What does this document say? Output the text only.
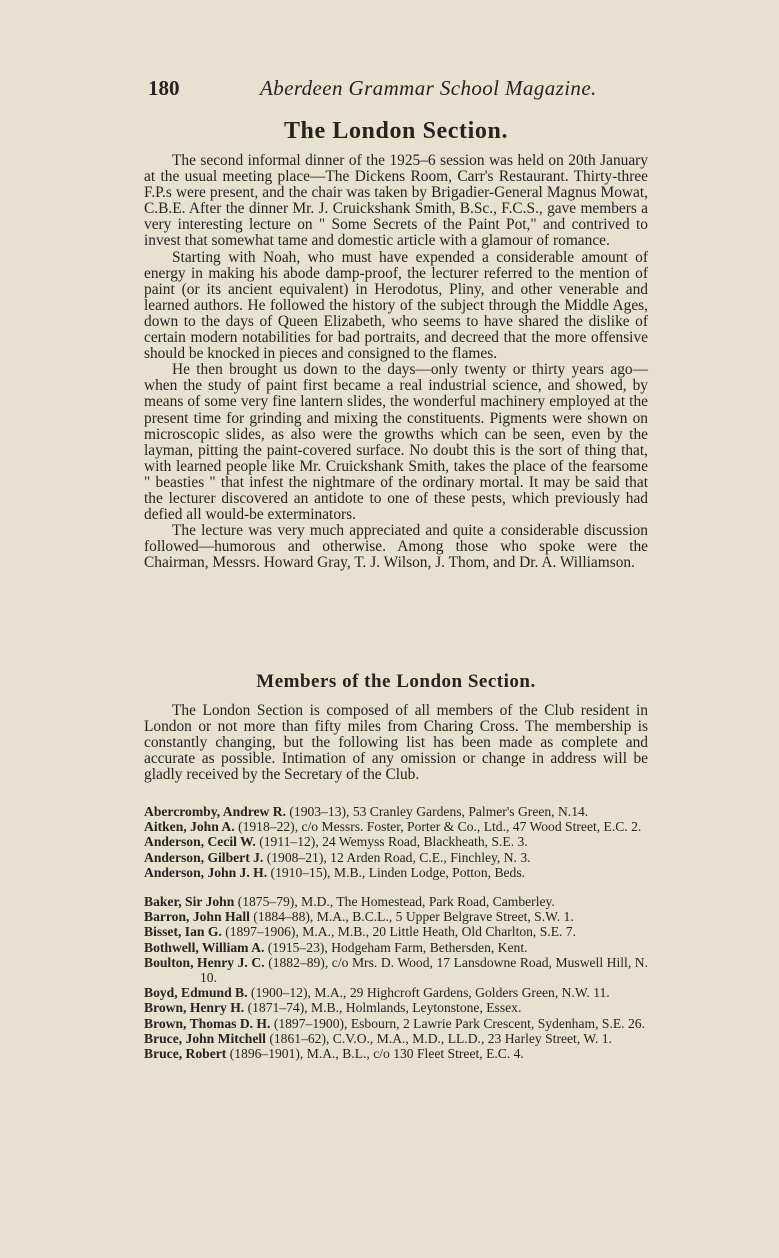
180	Aberdeen Grammar School Magazine.
The London Section.

The second informal dinner of the 1925–6 session was held on 20th January at the usual meeting place—The Dickens Room, Carr's Restaurant. Thirty-three F.P.s were present, and the chair was taken by Brigadier-General Magnus Mowat, C.B.E. After the dinner Mr. J. Cruickshank Smith, B.Sc., F.C.S., gave members a very interesting lecture on " Some Secrets of the Paint Pot," and contrived to invest that somewhat tame and domestic article with a glamour of romance.

Starting with Noah, who must have expended a considerable amount of energy in making his abode damp-proof, the lecturer referred to the mention of paint (or its ancient equivalent) in Herodotus, Pliny, and other venerable and learned authors. He followed the history of the subject through the Middle Ages, down to the days of Queen Elizabeth, who seems to have shared the dislike of certain modern notabilities for bad portraits, and decreed that the more offensive should be knocked in pieces and consigned to the flames.

He then brought us down to the days—only twenty or thirty years ago—when the study of paint first became a real industrial science, and showed, by means of some very fine lantern slides, the wonderful machinery employed at the present time for grinding and mixing the constituents. Pigments were shown on microscopic slides, as also were the growths which can be seen, even by the layman, pitting the paint-covered surface. No doubt this is the sort of thing that, with learned people like Mr. Cruickshank Smith, takes the place of the fearsome " beasties " that infest the nightmare of the ordinary mortal. It may be said that the lecturer discovered an antidote to one of these pests, which previously had defied all would-be exterminators.

The lecture was very much appreciated and quite a considerable discussion followed—humorous and otherwise. Among those who spoke were the Chairman, Messrs. Howard Gray, T. J. Wilson, J. Thom, and Dr. A. Williamson.

Members of the London Section.

The London Section is composed of all members of the Club resident in London or not more than fifty miles from Charing Cross. The membership is constantly changing, but the following list has been made as complete and accurate as possible. Intimation of any omission or change in address will be gladly received by the Secretary of the Club.

Abercromby, Andrew R. (1903–13), 53 Cranley Gardens, Palmer's Green, N.14.

Aitken, John A. (1918–22), c/o Messrs. Foster, Porter & Co., Ltd., 47 Wood Street, E.C. 2.

Anderson, Cecil W. (1911–12), 24 Wemyss Road, Blackheath, S.E. 3.

Anderson, Gilbert J. (1908–21), 12 Arden Road, C.E., Finchley, N. 3.

Anderson, John J. H. (1910–15), M.B., Linden Lodge, Potton, Beds.

Baker, Sir John (1875–79), M.D., The Homestead, Park Road, Camberley.

Barron, John Hall (1884–88), M.A., B.C.L., 5 Upper Belgrave Street, S.W. 1.

Bisset, Ian G. (1897–1906), M.A., M.B., 20 Little Heath, Old Charlton, S.E. 7.

Bothwell, William A. (1915–23), Hodgeham Farm, Bethersden, Kent.

Boulton, Henry J. C. (1882–89), c/o Mrs. D. Wood, 17 Lansdowne Road, Muswell Hill, N. 10.

Boyd, Edmund B. (1900–12), M.A., 29 Highcroft Gardens, Golders Green, N.W. 11.

Brown, Henry H. (1871–74), M.B., Holmlands, Leytonstone, Essex.

Brown, Thomas D. H. (1897–1900), Esbourn, 2 Lawrie Park Crescent, Sydenham, S.E. 26.

Bruce, John Mitchell (1861–62), C.V.O., M.A., M.D., LL.D., 23 Harley Street, W. 1.

Bruce, Robert (1896–1901), M.A., B.L., c/o 130 Fleet Street, E.C. 4.
